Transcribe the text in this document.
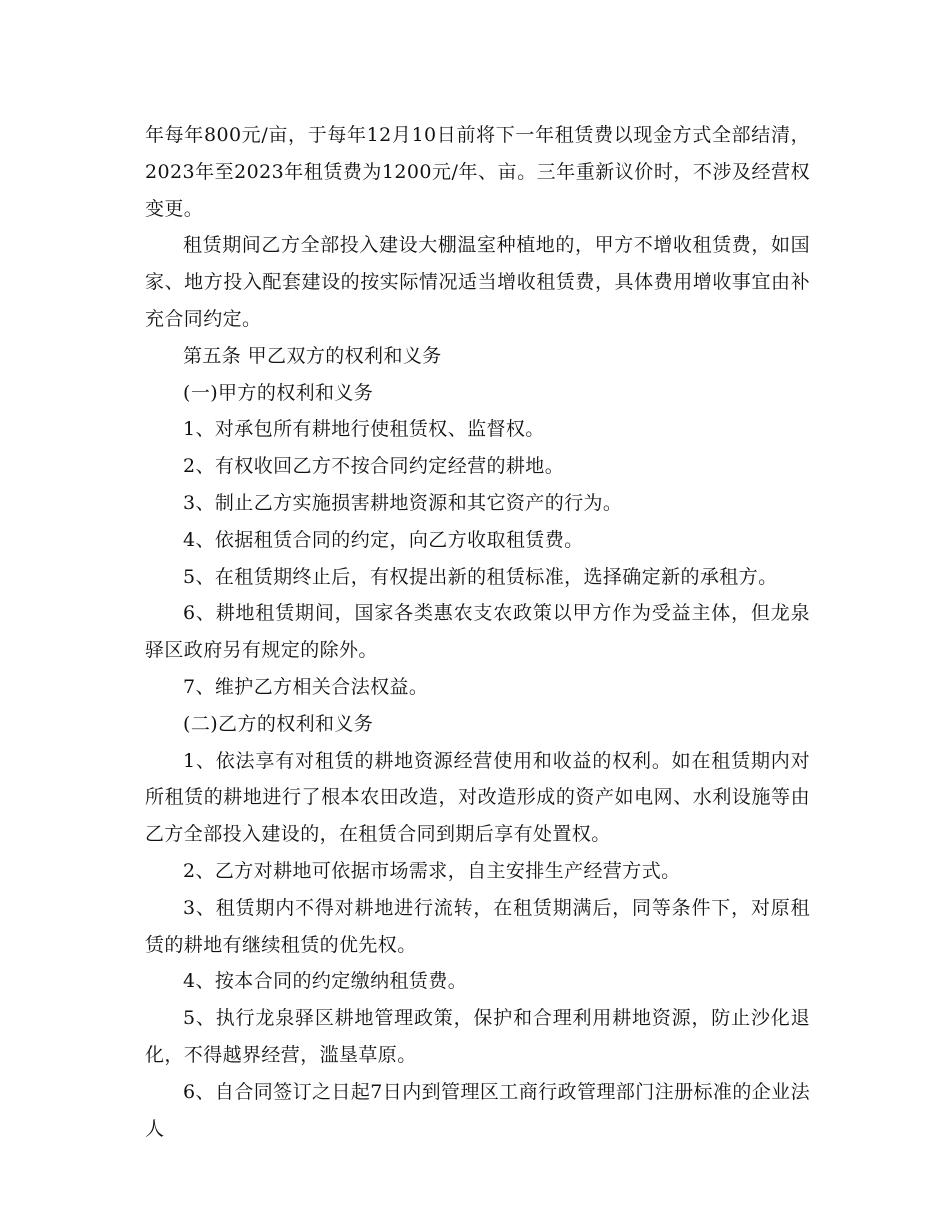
年每年800元/亩，于每年12月10日前将下一年租赁费以现金方式全部结清，2023年至2023年租赁费为1200元/年、亩。三年重新议价时，不涉及经营权变更。

租赁期间乙方全部投入建设大棚温室种植地的，甲方不增收租赁费，如国家、地方投入配套建设的按实际情况适当增收租赁费，具体费用增收事宜由补充合同约定。

第五条 甲乙双方的权利和义务

(一)甲方的权利和义务

1、对承包所有耕地行使租赁权、监督权。

2、有权收回乙方不按合同约定经营的耕地。

3、制止乙方实施损害耕地资源和其它资产的行为。

4、依据租赁合同的约定，向乙方收取租赁费。

5、在租赁期终止后，有权提出新的租赁标准，选择确定新的承租方。

6、耕地租赁期间，国家各类惠农支农政策以甲方作为受益主体，但龙泉驿区政府另有规定的除外。

7、维护乙方相关合法权益。

(二)乙方的权利和义务

1、依法享有对租赁的耕地资源经营使用和收益的权利。如在租赁期内对所租赁的耕地进行了根本农田改造，对改造形成的资产如电网、水利设施等由乙方全部投入建设的，在租赁合同到期后享有处置权。

2、乙方对耕地可依据市场需求，自主安排生产经营方式。

3、租赁期内不得对耕地进行流转，在租赁期满后，同等条件下，对原租赁的耕地有继续租赁的优先权。

4、按本合同的约定缴纳租赁费。

5、执行龙泉驿区耕地管理政策，保护和合理利用耕地资源，防止沙化退化，不得越界经营，滥垦草原。

6、自合同签订之日起7日内到管理区工商行政管理部门注册标准的企业法人
